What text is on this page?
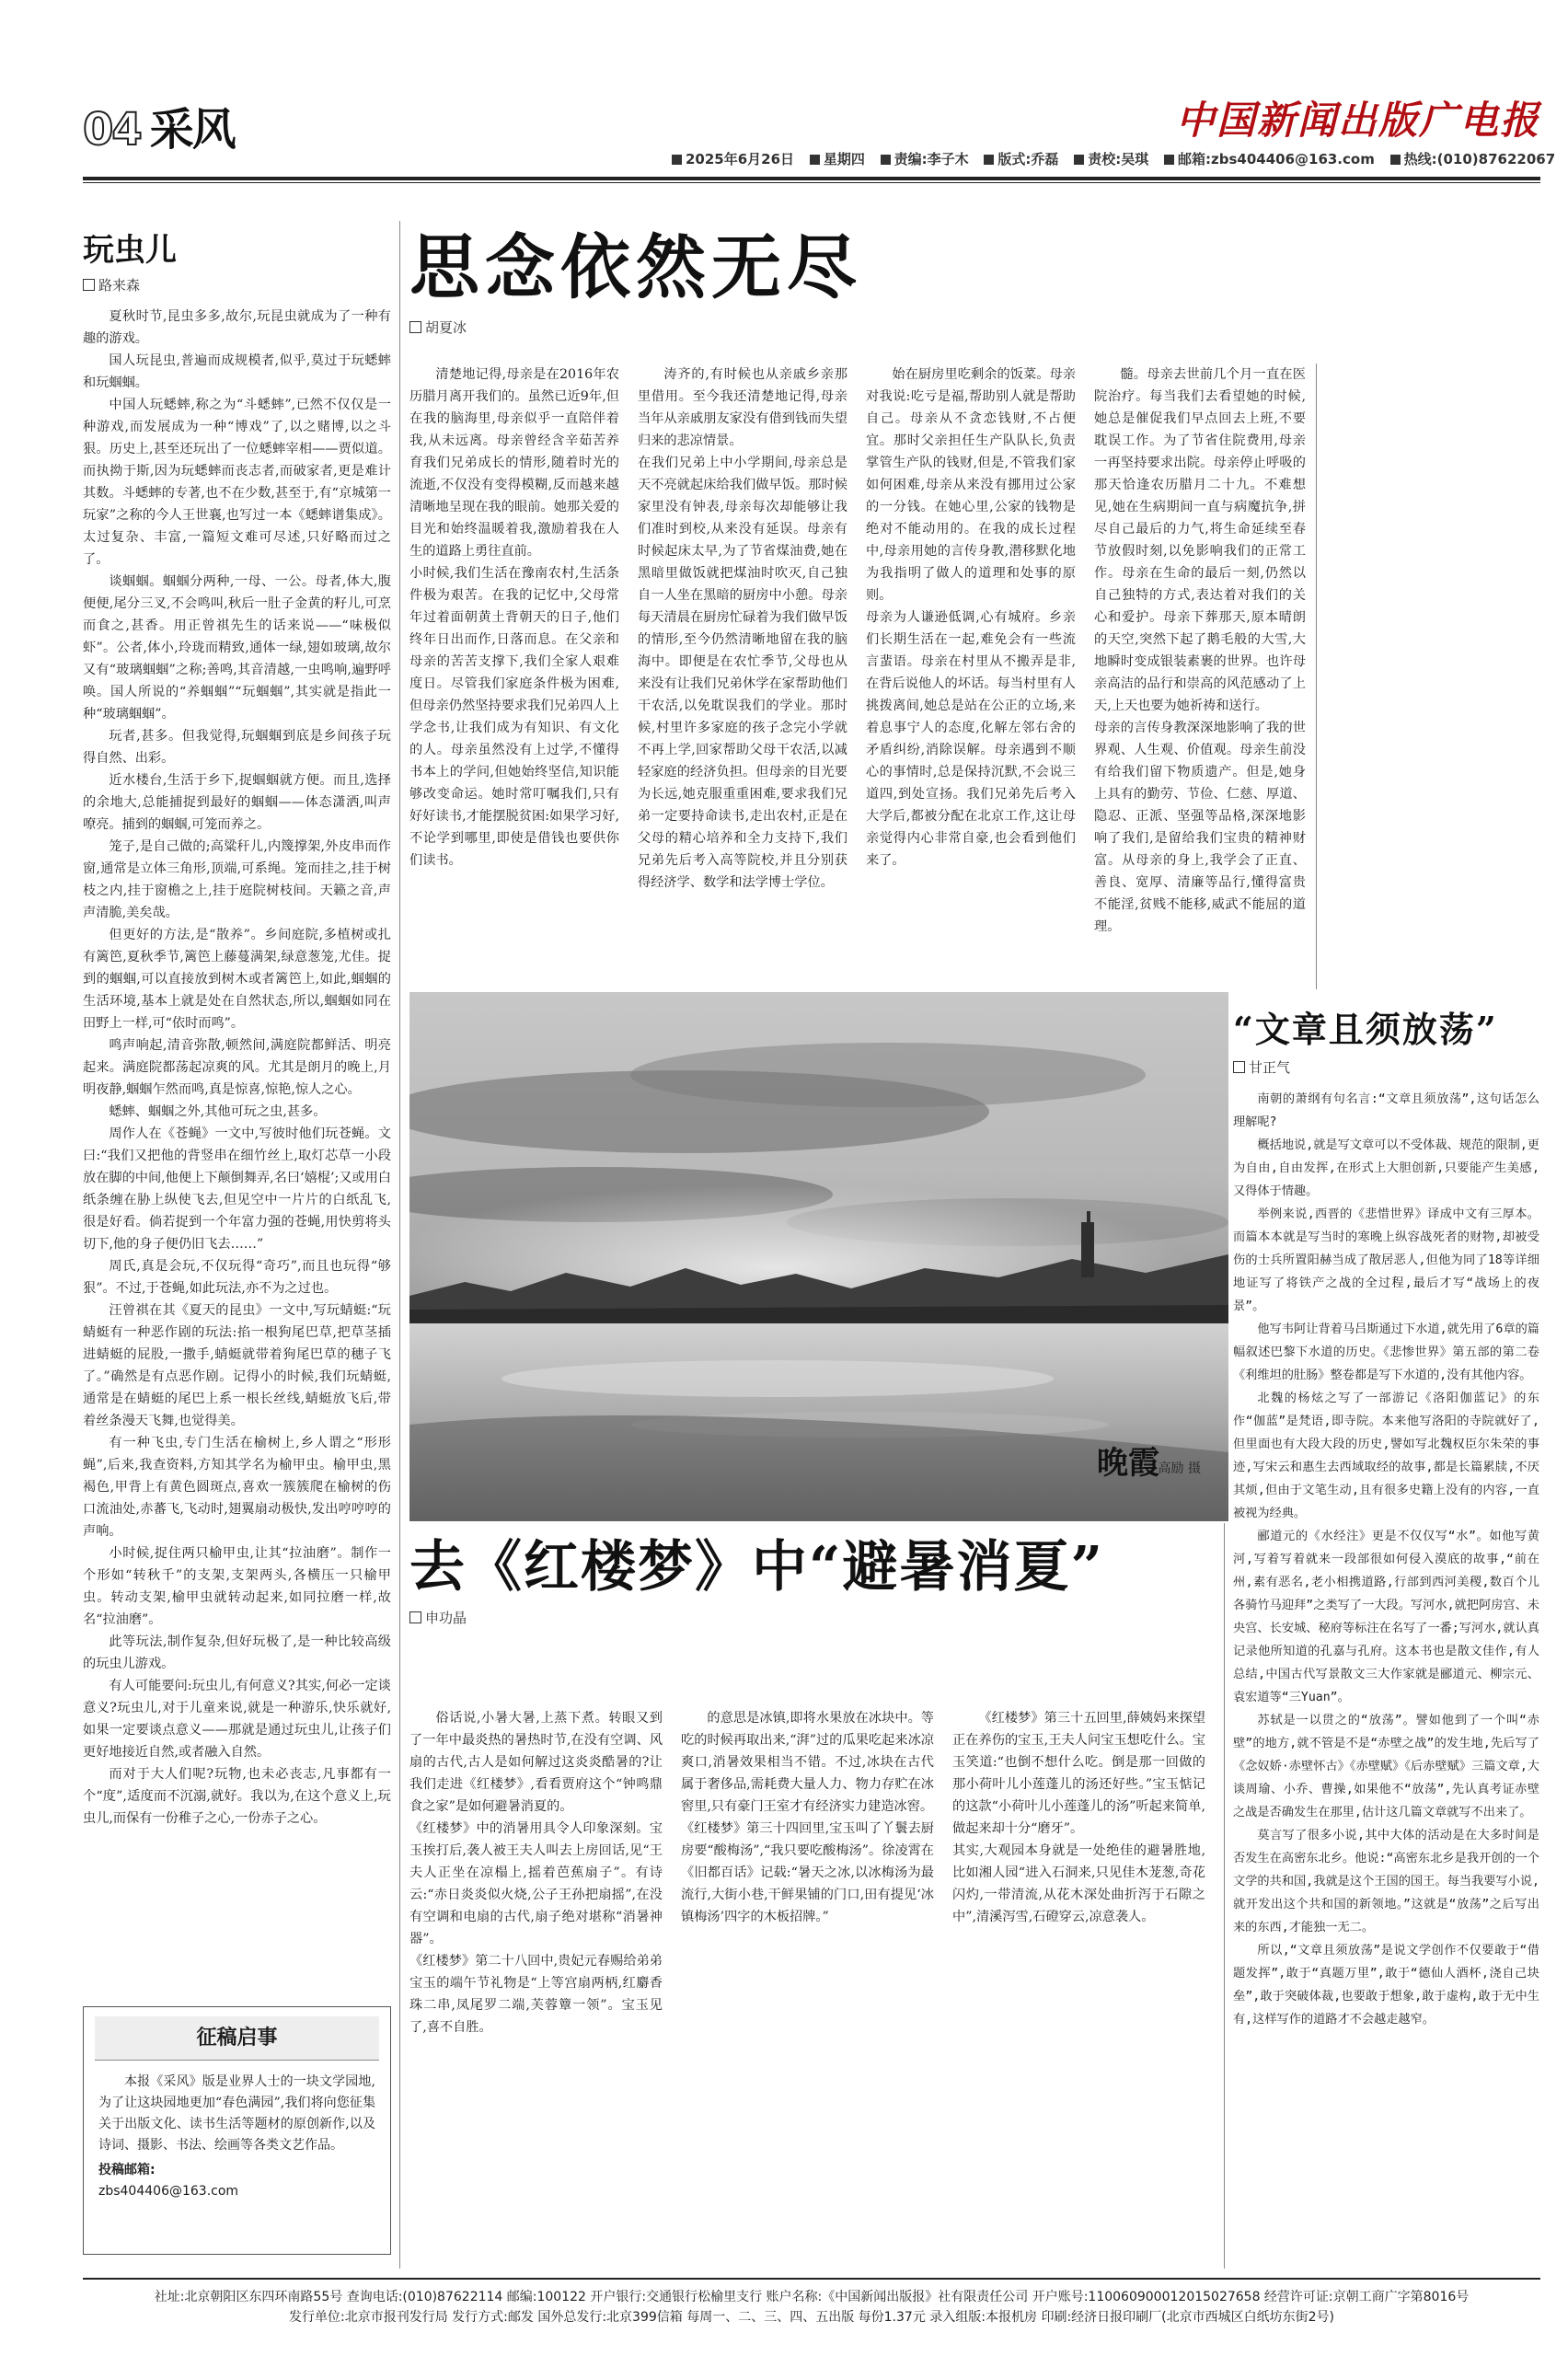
04 采风	中国新闻出版广电报
2025年6月26日 星期四 责编:李子木 版式:乔磊 责校:吴琪 邮箱:zbs404406@163.com 热线:(010)87622067
玩虫儿
路来森

夏秋时节,昆虫多多,故尔,玩昆虫就成为了一种有趣的游戏。

国人玩昆虫,普遍而成规模者,似乎,莫过于玩蟋蟀和玩蝈蝈。

中国人玩蟋蟀,称之为“斗蟋蟀”,已然不仅仅是一种游戏,而发展成为一种“博戏”了,以之赌博,以之斗狠。历史上,甚至还玩出了一位蟋蟀宰相——贾似道。而执拗于斯,因为玩蟋蟀而丧志者,而破家者,更是难计其数。斗蟋蟀的专著,也不在少数,甚至于,有“京城第一玩家”之称的今人王世襄,也写过一本《蟋蟀谱集成》。太过复杂、丰富,一篇短文难可尽述,只好略而过之了。

谈蝈蝈。蝈蝈分两种,一母、一公。母者,体大,腹便便,尾分三叉,不会鸣叫,秋后一肚子金黄的籽儿,可烹而食之,甚香。用正曾祺先生的话来说——“味极似虾”。公者,体小,玲珑而精致,通体一绿,翅如玻璃,故尔又有“玻璃蝈蝈”之称;善鸣,其音清越,一虫鸣响,遍野呼唤。国人所说的“养蝈蝈”“玩蝈蝈”,其实就是指此一种“玻璃蝈蝈”。

玩者,甚多。但我觉得,玩蝈蝈到底是乡间孩子玩得自然、出彩。

近水楼台,生活于乡下,捉蝈蝈就方便。而且,选择的余地大,总能捕捉到最好的蝈蝈——体态潇洒,叫声嘹亮。捕到的蝈蝈,可笼而养之。

笼子,是自己做的;高粱秆儿,内篾撑架,外皮串而作窗,通常是立体三角形,顶端,可系绳。笼而挂之,挂于树枝之内,挂于窗檐之上,挂于庭院树枝间。天籁之音,声声清脆,美矣哉。

但更好的方法,是“散养”。乡间庭院,多植树或扎有篱笆,夏秋季节,篱笆上藤蔓满架,绿意葱笼,尤佳。捉到的蝈蝈,可以直接放到树木或者篱笆上,如此,蝈蝈的生活环境,基本上就是处在自然状态,所以,蝈蝈如同在田野上一样,可“依时而鸣”。

鸣声响起,清音弥散,顿然间,满庭院都鲜活、明亮起来。满庭院都荡起凉爽的风。尤其是朗月的晚上,月明夜静,蝈蝈乍然而鸣,真是惊喜,惊艳,惊人之心。

蟋蟀、蝈蝈之外,其他可玩之虫,甚多。

周作人在《苍蝇》一文中,写彼时他们玩苍蝇。文曰:“我们又把他的背竖串在细竹丝上,取灯芯草一小段放在脚的中间,他便上下颠倒舞弄,名曰‘嬉棍’;又或用白纸条缠在胁上纵使飞去,但见空中一片片的白纸乱飞,很是好看。倘若捉到一个年富力强的苍蝇,用快剪将头切下,他的身子便仍旧飞去……”

周氏,真是会玩,不仅玩得“奇巧”,而且也玩得“够狠”。不过,于苍蝇,如此玩法,亦不为之过也。

汪曾祺在其《夏天的昆虫》一文中,写玩蜻蜓:“玩蜻蜓有一种恶作剧的玩法:掐一根狗尾巴草,把草茎插进蜻蜓的屁股,一撒手,蜻蜓就带着狗尾巴草的穗子飞了。”确然是有点恶作剧。记得小的时候,我们玩蜻蜓,通常是在蜻蜓的尾巴上系一根长丝线,蜻蜓放飞后,带着丝条漫天飞舞,也觉得美。

有一种飞虫,专门生活在榆树上,乡人谓之“形形蝇”,后来,我查资料,方知其学名为榆甲虫。榆甲虫,黑褐色,甲背上有黄色圆斑点,喜欢一簇簇爬在榆树的伤口流油处,赤蕃飞,飞动时,翅翼扇动极快,发出哼哼哼的声响。

小时候,捉住两只榆甲虫,让其“拉油磨”。制作一个形如“转秋千”的支架,支架两头,各横压一只榆甲虫。转动支架,榆甲虫就转动起来,如同拉磨一样,故名“拉油磨”。

此等玩法,制作复杂,但好玩极了,是一种比较高级的玩虫儿游戏。

有人可能要问:玩虫儿,有何意义?其实,何必一定谈意义?玩虫儿,对于儿童来说,就是一种游乐,快乐就好,如果一定要谈点意义——那就是通过玩虫儿,让孩子们更好地接近自然,或者融入自然。

而对于大人们呢?玩物,也未必丧志,凡事都有一个“度”,适度而不沉溺,就好。我以为,在这个意义上,玩虫儿,而保有一份稚子之心,一份赤子之心。

征稿启事

本报《采风》版是业界人士的一块文学园地,为了让这块园地更加“春色满园”,我们将向您征集关于出版文化、读书生活等题材的原创新作,以及诗词、摄影、书法、绘画等各类文艺作品。

投稿邮箱:

zbs404406@163.com

思念依然无尽
胡夏冰

清楚地记得,母亲是在2016年农历腊月离开我们的。虽然已近9年,但在我的脑海里,母亲似乎一直陪伴着我,从未远离。母亲曾经含辛茹苦养育我们兄弟成长的情形,随着时光的流逝,不仅没有变得模糊,反而越来越清晰地呈现在我的眼前。她那关爱的目光和始终温暖着我,激励着我在人生的道路上勇往直前。
小时候,我们生活在豫南农村,生活条件极为艰苦。在我的记忆中,父母常年过着面朝黄土背朝天的日子,他们终年日出而作,日落而息。在父亲和母亲的苦苦支撑下,我们全家人艰难度日。尽管我们家庭条件极为困难,但母亲仍然坚持要求我们兄弟四人上学念书,让我们成为有知识、有文化的人。母亲虽然没有上过学,不懂得书本上的学问,但她始终坚信,知识能够改变命运。她时常叮嘱我们,只有好好读书,才能摆脱贫困:如果学习好,不论学到哪里,即使是借钱也要供你们读书。

涛齐的,有时候也从亲戚乡亲那里借用。至今我还清楚地记得,母亲当年从亲戚朋友家没有借到钱而失望归来的悲凉情景。
在我们兄弟上中小学期间,母亲总是天不亮就起床给我们做早饭。那时候家里没有钟表,母亲每次却能够让我们准时到校,从来没有延误。母亲有时候起床太早,为了节省煤油费,她在黑暗里做饭就把煤油时吹灭,自己独自一人坐在黑暗的厨房中小憩。母亲每天清晨在厨房忙碌着为我们做早饭的情形,至今仍然清晰地留在我的脑海中。即便是在农忙季节,父母也从来没有让我们兄弟休学在家帮助他们干农活,以免耽误我们的学业。那时候,村里许多家庭的孩子念完小学就不再上学,回家帮助父母干农活,以减轻家庭的经济负担。但母亲的目光要为长远,她克服重重困难,要求我们兄弟一定要持命读书,走出农村,正是在父母的精心培养和全力支持下,我们兄弟先后考入高等院校,并且分别获得经济学、数学和法学博士学位。

始在厨房里吃剩余的饭菜。母亲对我说:吃亏是福,帮助别人就是帮助自己。母亲从不贪恋钱财,不占便宜。那时父亲担任生产队队长,负责掌管生产队的钱财,但是,不管我们家如何困难,母亲从来没有挪用过公家的一分钱。在她心里,公家的钱物是绝对不能动用的。在我的成长过程中,母亲用她的言传身教,潜移默化地为我指明了做人的道理和处事的原则。
母亲为人谦逊低调,心有城府。乡亲们长期生活在一起,难免会有一些流言蜚语。母亲在村里从不搬弄是非,在背后说他人的坏话。每当村里有人挑拨离间,她总是站在公正的立场,来着息事宁人的态度,化解左邻右舍的矛盾纠纷,消除误解。母亲遇到不顺心的事情时,总是保持沉默,不会说三道四,到处宣扬。我们兄弟先后考入大学后,都被分配在北京工作,这让母亲觉得内心非常自豪,也会看到他们来了。

髓。母亲去世前几个月一直在医院治疗。每当我们去看望她的时候,她总是催促我们早点回去上班,不要耽误工作。为了节省住院费用,母亲一再坚持要求出院。母亲停止呼吸的那天恰逢农历腊月二十九。不难想见,她在生病期间一直与病魔抗争,拼尽自己最后的力气,将生命延续至春节放假时刻,以免影响我们的正常工作。母亲在生命的最后一刻,仍然以自己独特的方式,表达着对我们的关心和爱护。母亲下葬那天,原本晴朗的天空,突然下起了鹅毛般的大雪,大地瞬时变成银装素裹的世界。也许母亲高洁的品行和崇高的风范感动了上天,上天也要为她祈祷和送行。
母亲的言传身教深深地影响了我的世界观、人生观、价值观。母亲生前没有给我们留下物质遗产。但是,她身上具有的勤劳、节俭、仁慈、厚道、隐忍、正派、坚强等品格,深深地影响了我们,是留给我们宝贵的精神财富。从母亲的身上,我学会了正直、善良、宽厚、清廉等品行,懂得富贵不能淫,贫贱不能移,威武不能屈的道理。

晚霞
高励 摄
“文章且须放荡”
甘正气

南朝的萧纲有句名言:“文章且须放荡”,这句话怎么理解呢?

概括地说,就是写文章可以不受体裁、规范的限制,更为自由,自由发挥,在形式上大胆创新,只要能产生美感,又得体于情趣。

举例来说,西晋的《悲惜世界》译成中文有三厚本。而篇本本就是写当时的寒晚上纵容战死者的财物,却被受伤的士兵所置阳赫当成了散居恶人,但他为同了18等详细地证写了将铁产之战的全过程,最后才写“战场上的夜景”。

他写韦阿让背着马吕斯通过下水道,就先用了6章的篇幅叙述巴黎下水道的历史。《悲惨世界》第五部的第二卷《利维坦的肚肠》整卷都是写下水道的,没有其他内容。

北魏的杨炫之写了一部游记《洛阳伽蓝记》的东作“伽蓝”是梵语,即寺院。本来他写洛阳的寺院就好了,但里面也有大段大段的历史,譬如写北魏权臣尔朱荣的事迹,写宋云和惠生去西域取经的故事,都是长篇累牍,不厌其烦,但由于文笔生动,且有很多史籍上没有的内容,一直被视为经典。

郦道元的《水经注》更是不仅仅写“水”。如他写黄河,写着写着就来一段部很如何侵入漠底的故事,“前在州,素有恶名,老小相携道路,行部到西河美稷,数百个儿各骑竹马迎拜”之类写了一大段。写河水,就把阿房宫、未央宫、长安城、秘府等标注在名写了一番;写河水,就认真记录他所知道的孔嘉与孔府。这本书也是散文佳作,有人总结,中国古代写景散文三大作家就是郦道元、柳宗元、袁宏道等“三Yuan”。

苏轼是一以贯之的“放荡”。譬如他到了一个叫“赤壁”的地方,就不管是不是“赤壁之战”的发生地,先后写了《念奴娇·赤壁怀古》《赤壁赋》《后赤壁赋》三篇文章,大谈周瑜、小乔、曹操,如果他不“放荡”,先认真考证赤壁之战是否确发生在那里,估计这几篇文章就写不出来了。

莫言写了很多小说,其中大体的活动是在大多时间是否发生在高密东北乡。他说:“高密东北乡是我开创的一个文学的共和国,我就是这个王国的国王。每当我要写小说,就开发出这个共和国的新领地。”这就是“放荡”之后写出来的东西,才能独一无二。

所以,“文章且须放荡”是说文学创作不仅要敢于“借题发挥”,敢于“真题万里”,敢于“德仙人酒杯,浇自己块垒”,敢于突破体裁,也要敢于想象,敢于虚构,敢于无中生有,这样写作的道路才不会越走越窄。

去《红楼梦》中“避暑消夏”
申功晶

俗话说,小暑大暑,上蒸下煮。转眼又到了一年中最炎热的暑热时节,在没有空调、风扇的古代,古人是如何解过这炎炎酷暑的?让我们走进《红楼梦》,看看贾府这个“钟鸣鼎食之家”是如何避暑消夏的。
《红楼梦》中的消暑用具令人印象深刻。宝玉挨打后,袭人被王夫人叫去上房回话,见“王夫人正坐在凉榻上,摇着芭蕉扇子”。有诗云:“赤日炎炎似火烧,公子王孙把扇摇”,在没有空调和电扇的古代,扇子绝对堪称“消暑神器”。
《红楼梦》第二十八回中,贵妃元春赐给弟弟宝玉的端午节礼物是“上等宫扇两柄,红麝香珠二串,凤尾罗二端,芙蓉簟一领”。宝玉见了,喜不自胜。

的意思是冰镇,即将水果放在冰块中。等吃的时候再取出来,“湃”过的瓜果吃起来冰凉爽口,消暑效果相当不错。不过,冰块在古代属于奢侈品,需耗费大量人力、物力存贮在冰窖里,只有豪门王室才有经济实力建造冰窖。
《红楼梦》第三十四回里,宝玉叫了丫鬟去厨房要“酸梅汤”,“我只要吃酸梅汤”。徐凌霄在《旧都百话》记载:“暑天之冰,以冰梅汤为最流行,大街小巷,干鲜果铺的门口,田有提见‘冰镇梅汤’四字的木板招牌。”

《红楼梦》第三十五回里,薛姨妈来探望正在养伤的宝玉,王夫人问宝玉想吃什么。宝玉笑道:“也倒不想什么吃。倒是那一回做的那小荷叶儿小莲蓬儿的汤还好些。”宝玉惦记的这款“小荷叶儿小莲蓬儿的汤”听起来简单,做起来却十分“磨牙”。
其实,大观园本身就是一处绝佳的避暑胜地,比如湘人园“进入石洞来,只见佳木茏葱,奇花闪灼,一带清流,从花木深处曲折泻于石隙之中”,清溪泻雪,石磴穿云,凉意袭人。

社址:北京朝阳区东四环南路55号 查询电话:(010)87622114 邮编:100122 开户银行:交通银行松榆里支行 账户名称:《中国新闻出版报》社有限责任公司 开户账号:110060900012015027658 经营许可证:京朝工商广字第8016号
发行单位:北京市报刊发行局 发行方式:邮发 国外总发行:北京399信箱 每周一、二、三、四、五出版 每份1.37元 录入组版:本报机房 印刷:经济日报印刷厂(北京市西城区白纸坊东街2号)
